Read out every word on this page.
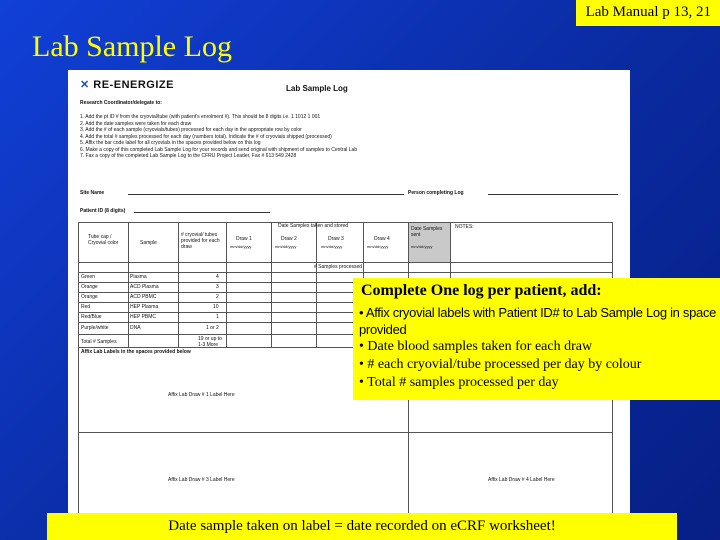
Lab Manual p 13, 21
Lab Sample Log
✕ RE-ENERGIZE	Lab Sample Log
Research Coordinator/delegate to:
1. Add the pt ID # from the cryovial/tube (with patient's enrolment #). This should be 8 digits i.e. 1 1012 1 001
2. Add the date samples were taken for each draw
3. Add the # of each sample (cryovials/tubes) processed for each day in the appropriate row by color
4. Add the total # samples processed for each day (numbers total). Indicate the # of cryovials shipped (processed)
5. Affix the bar code label for all cryovials in the spaces provided below on this log
6. Make a copy of this completed Lab Sample Log for your records and send original with shipment of samples to Central Lab
7. Fax a copy of the completed Lab Sample Log to the CFRU Project Leader, Fax # 613 549 2428
Site Name	Person completing Log
Patient ID (8 digits)
Tube cap / Cryovial color	Sample
# cryovial/ tubes provided for each draw
Date Samples taken and stored
Draw 1	Draw 2	Draw 3	Draw 4
mm/dd/yyyy	mm/dd/yyyy	mm/dd/yyyy	mm/dd/yyyy	mm/dd/yyyy
Date Samples sent
NOTES:
# Samples processed
Green	Plasma	4
Orange	ACD Plasma	3
Orange	ACD PBMC	2
Red	HEP Plasma	10
Red/Blue	HEP PBMC	1
Purple/white	DNA	1 or 2
Total # Samples	19 or up to 1-3 More
Affix Lab Labels in the spaces provided below
Affix Lab Draw # 1 Label Here
Affix Lab Draw # 3 Label Here	Affix Lab Draw # 4 Label Here
Complete One log per patient, add:
• Affix cryovial labels with Patient ID# to Lab Sample Log in space provided
• Date blood samples taken for each draw
• # each cryovial/tube processed per day by colour
• Total # samples processed per day
Date sample taken on label = date recorded on eCRF worksheet!
